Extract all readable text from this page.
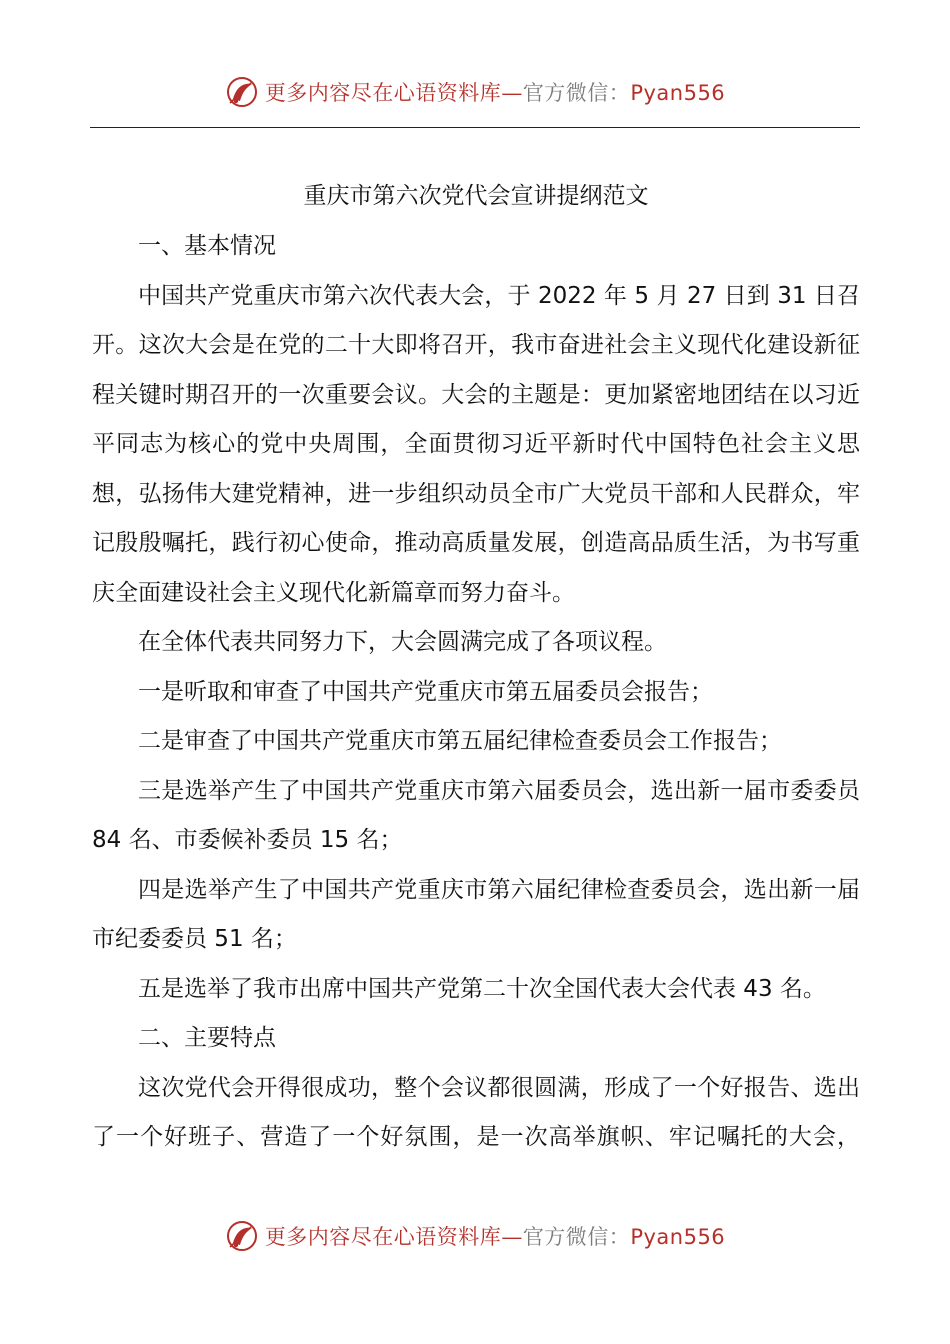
更多内容尽在心语资料库—官方微信：Pyan556
重庆市第六次党代会宣讲提纲范文

一、基本情况

中国共产党重庆市第六次代表大会，于 2022 年 5 月 27 日到 31 日召开。这次大会是在党的二十大即将召开，我市奋进社会主义现代化建设新征程关键时期召开的一次重要会议。大会的主题是：更加紧密地团结在以习近平同志为核心的党中央周围，全面贯彻习近平新时代中国特色社会主义思想，弘扬伟大建党精神，进一步组织动员全市广大党员干部和人民群众，牢记殷殷嘱托，践行初心使命，推动高质量发展，创造高品质生活，为书写重庆全面建设社会主义现代化新篇章而努力奋斗。

在全体代表共同努力下，大会圆满完成了各项议程。

一是听取和审查了中国共产党重庆市第五届委员会报告；

二是审查了中国共产党重庆市第五届纪律检查委员会工作报告；

三是选举产生了中国共产党重庆市第六届委员会，选出新一届市委委员 84 名、市委候补委员 15 名；

四是选举产生了中国共产党重庆市第六届纪律检查委员会，选出新一届市纪委委员 51 名；

五是选举了我市出席中国共产党第二十次全国代表大会代表 43 名。

二、主要特点

这次党代会开得很成功，整个会议都很圆满，形成了一个好报告、选出了一个好班子、营造了一个好氛围，是一次高举旗帜、牢记嘱托的大会，

更多内容尽在心语资料库—官方微信：Pyan556
